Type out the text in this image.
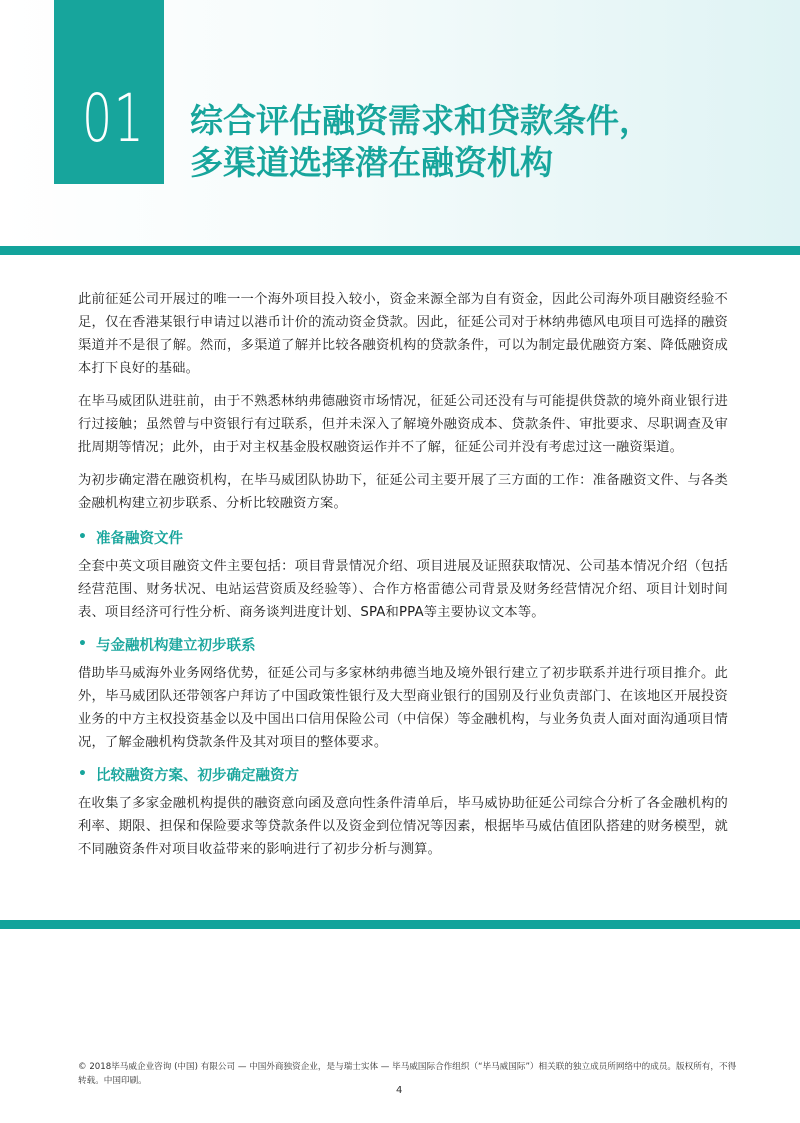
01 综合评估融资需求和贷款条件，
多渠道选择潜在融资机构

此前征延公司开展过的唯一一个海外项目投入较小，资金来源全部为自有资金，因此公司海外项目融资经验不足，仅在香港某银行申请过以港币计价的流动资金贷款。因此，征延公司对于林纳弗德风电项目可选择的融资渠道并不是很了解。然而，多渠道了解并比较各融资机构的贷款条件，可以为制定最优融资方案、降低融资成本打下良好的基础。

在毕马威团队进驻前，由于不熟悉林纳弗德融资市场情况，征延公司还没有与可能提供贷款的境外商业银行进行过接触；虽然曾与中资银行有过联系，但并未深入了解境外融资成本、贷款条件、审批要求、尽职调查及审批周期等情况；此外，由于对主权基金股权融资运作并不了解，征延公司并没有考虑过这一融资渠道。

为初步确定潜在融资机构，在毕马威团队协助下，征延公司主要开展了三方面的工作：准备融资文件、与各类金融机构建立初步联系、分析比较融资方案。

• 准备融资文件

全套中英文项目融资文件主要包括：项目背景情况介绍、项目进展及证照获取情况、公司基本情况介绍（包括经营范围、财务状况、电站运营资质及经验等）、合作方格雷德公司背景及财务经营情况介绍、项目计划时间表、项目经济可行性分析、商务谈判进度计划、SPA和PPA等主要协议文本等。

• 与金融机构建立初步联系

借助毕马威海外业务网络优势，征延公司与多家林纳弗德当地及境外银行建立了初步联系并进行项目推介。此外，毕马威团队还带领客户拜访了中国政策性银行及大型商业银行的国别及行业负责部门、在该地区开展投资业务的中方主权投资基金以及中国出口信用保险公司（中信保）等金融机构，与业务负责人面对面沟通项目情况，了解金融机构贷款条件及其对项目的整体要求。

• 比较融资方案、初步确定融资方

在收集了多家金融机构提供的融资意向函及意向性条件清单后，毕马威协助征延公司综合分析了各金融机构的利率、期限、担保和保险要求等贷款条件以及资金到位情况等因素，根据毕马威估值团队搭建的财务模型，就不同融资条件对项目收益带来的影响进行了初步分析与测算。

© 2018毕马威企业咨询 (中国) 有限公司 — 中国外商独资企业，是与瑞士实体 — 毕马威国际合作组织（“毕马威国际”）相关联的独立成员所网络中的成员。版权所有，不得转载。中国印刷。
4
